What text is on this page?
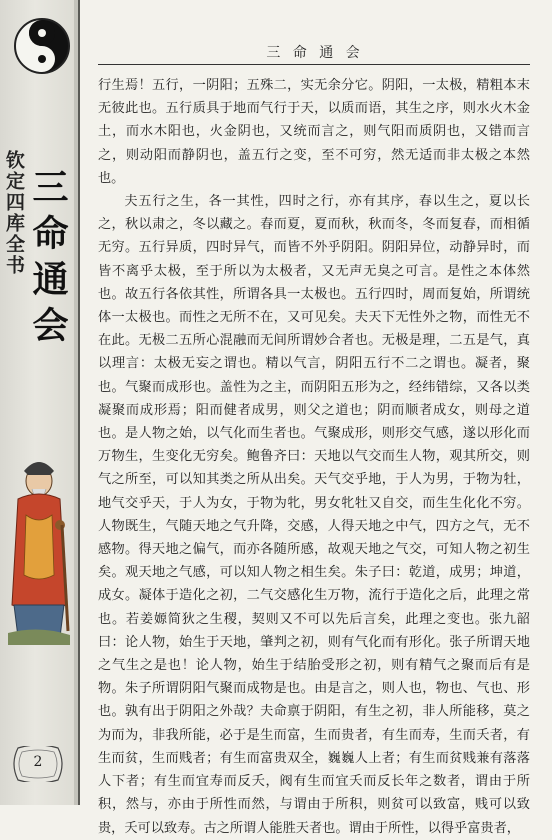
钦定四库全书 三命通会
2
三 命 通 会

行生焉！五行，一阴阳；五殊二，实无余分它。阴阳，一太极，精粗本末无彼此也。五行质具于地而气行于天，以质而语，其生之序，则水火木金土，而水木阳也，火金阴也，又统而言之，则气阳而质阴也，又错而言之，则动阳而静阴也，盖五行之变，至不可穷，然无适而非太极之本然也。

夫五行之生，各一其性，四时之行，亦有其序，春以生之，夏以长之，秋以肃之，冬以藏之。春而夏，夏而秋，秋而冬，冬而复春，而相循无穷。五行异质，四时异气，而皆不外乎阴阳。阴阳异位，动静异时，而皆不离乎太极，至于所以为太极者，又无声无臭之可言。是性之本体然也。故五行各依其性，所谓各具一太极也。五行四时，周而复始，所谓统体一太极也。而性之无所不在，又可见矣。夫天下无性外之物，而性无不在此。无极二五所心混融而无间所谓妙合者也。无极是理，二五是气，真以理言：太极无妄之谓也。精以气言，阴阳五行不二之谓也。凝者，聚也。气聚而成形也。盖性为之主，而阴阳五形为之，经纬错综，又各以类凝聚而成形焉；阳而健者成男，则父之道也；阴而顺者成女，则母之道也。是人物之始，以气化而生者也。气聚成形，则形交气感，遂以形化而万物生，生变化无穷矣。鲍鲁齐曰：天地以气交而生人物，观其所交，则气之所至，可以知其类之所从出矣。天气交乎地，于人为男，于物为牡，地气交乎天，于人为女，于物为牝，男女牝牡又自交，而生生化化不穷。人物既生，气随天地之气升降，交感，人得天地之中气，四方之气，无不感物。得天地之偏气，而亦各随所感，故观天地之气交，可知人物之初生矣。观天地之气感，可以知人物之相生矣。朱子曰：乾道，成男；坤道，成女。凝体于造化之初，二气交感化生万物，流行于造化之后，此理之常也。若姜嫄简狄之生稷，契则又不可以先后言矣，此理之变也。张九韶曰：论人物，始生于天地，肇判之初，则有气化而有形化。张子所谓天地之气生之是也！论人物，始生于结胎受形之初，则有精气之聚而后有是物。朱子所谓阴阳气聚而成物是也。由是言之，则人也，物也、气也、形也。孰有出于阴阳之外哉？夫命禀于阴阳，有生之初，非人所能移，莫之为而为，非我所能，必于是生而富，生而贵者，有生而寿，生而夭者，有生而贫，生而贱者；有生而富贵双全，巍巍人上者；有生而贫贱兼有落落人下者；有生而宜寿而反夭，阀有生而宜夭而反长年之数者，谓由于所积，然与，亦由于所性而然，与谓由于所积，则贫可以致富，贱可以致贵，夭可以致寿。古之所谓人能胜天者也。谓由于所性，以得乎富贵者，
